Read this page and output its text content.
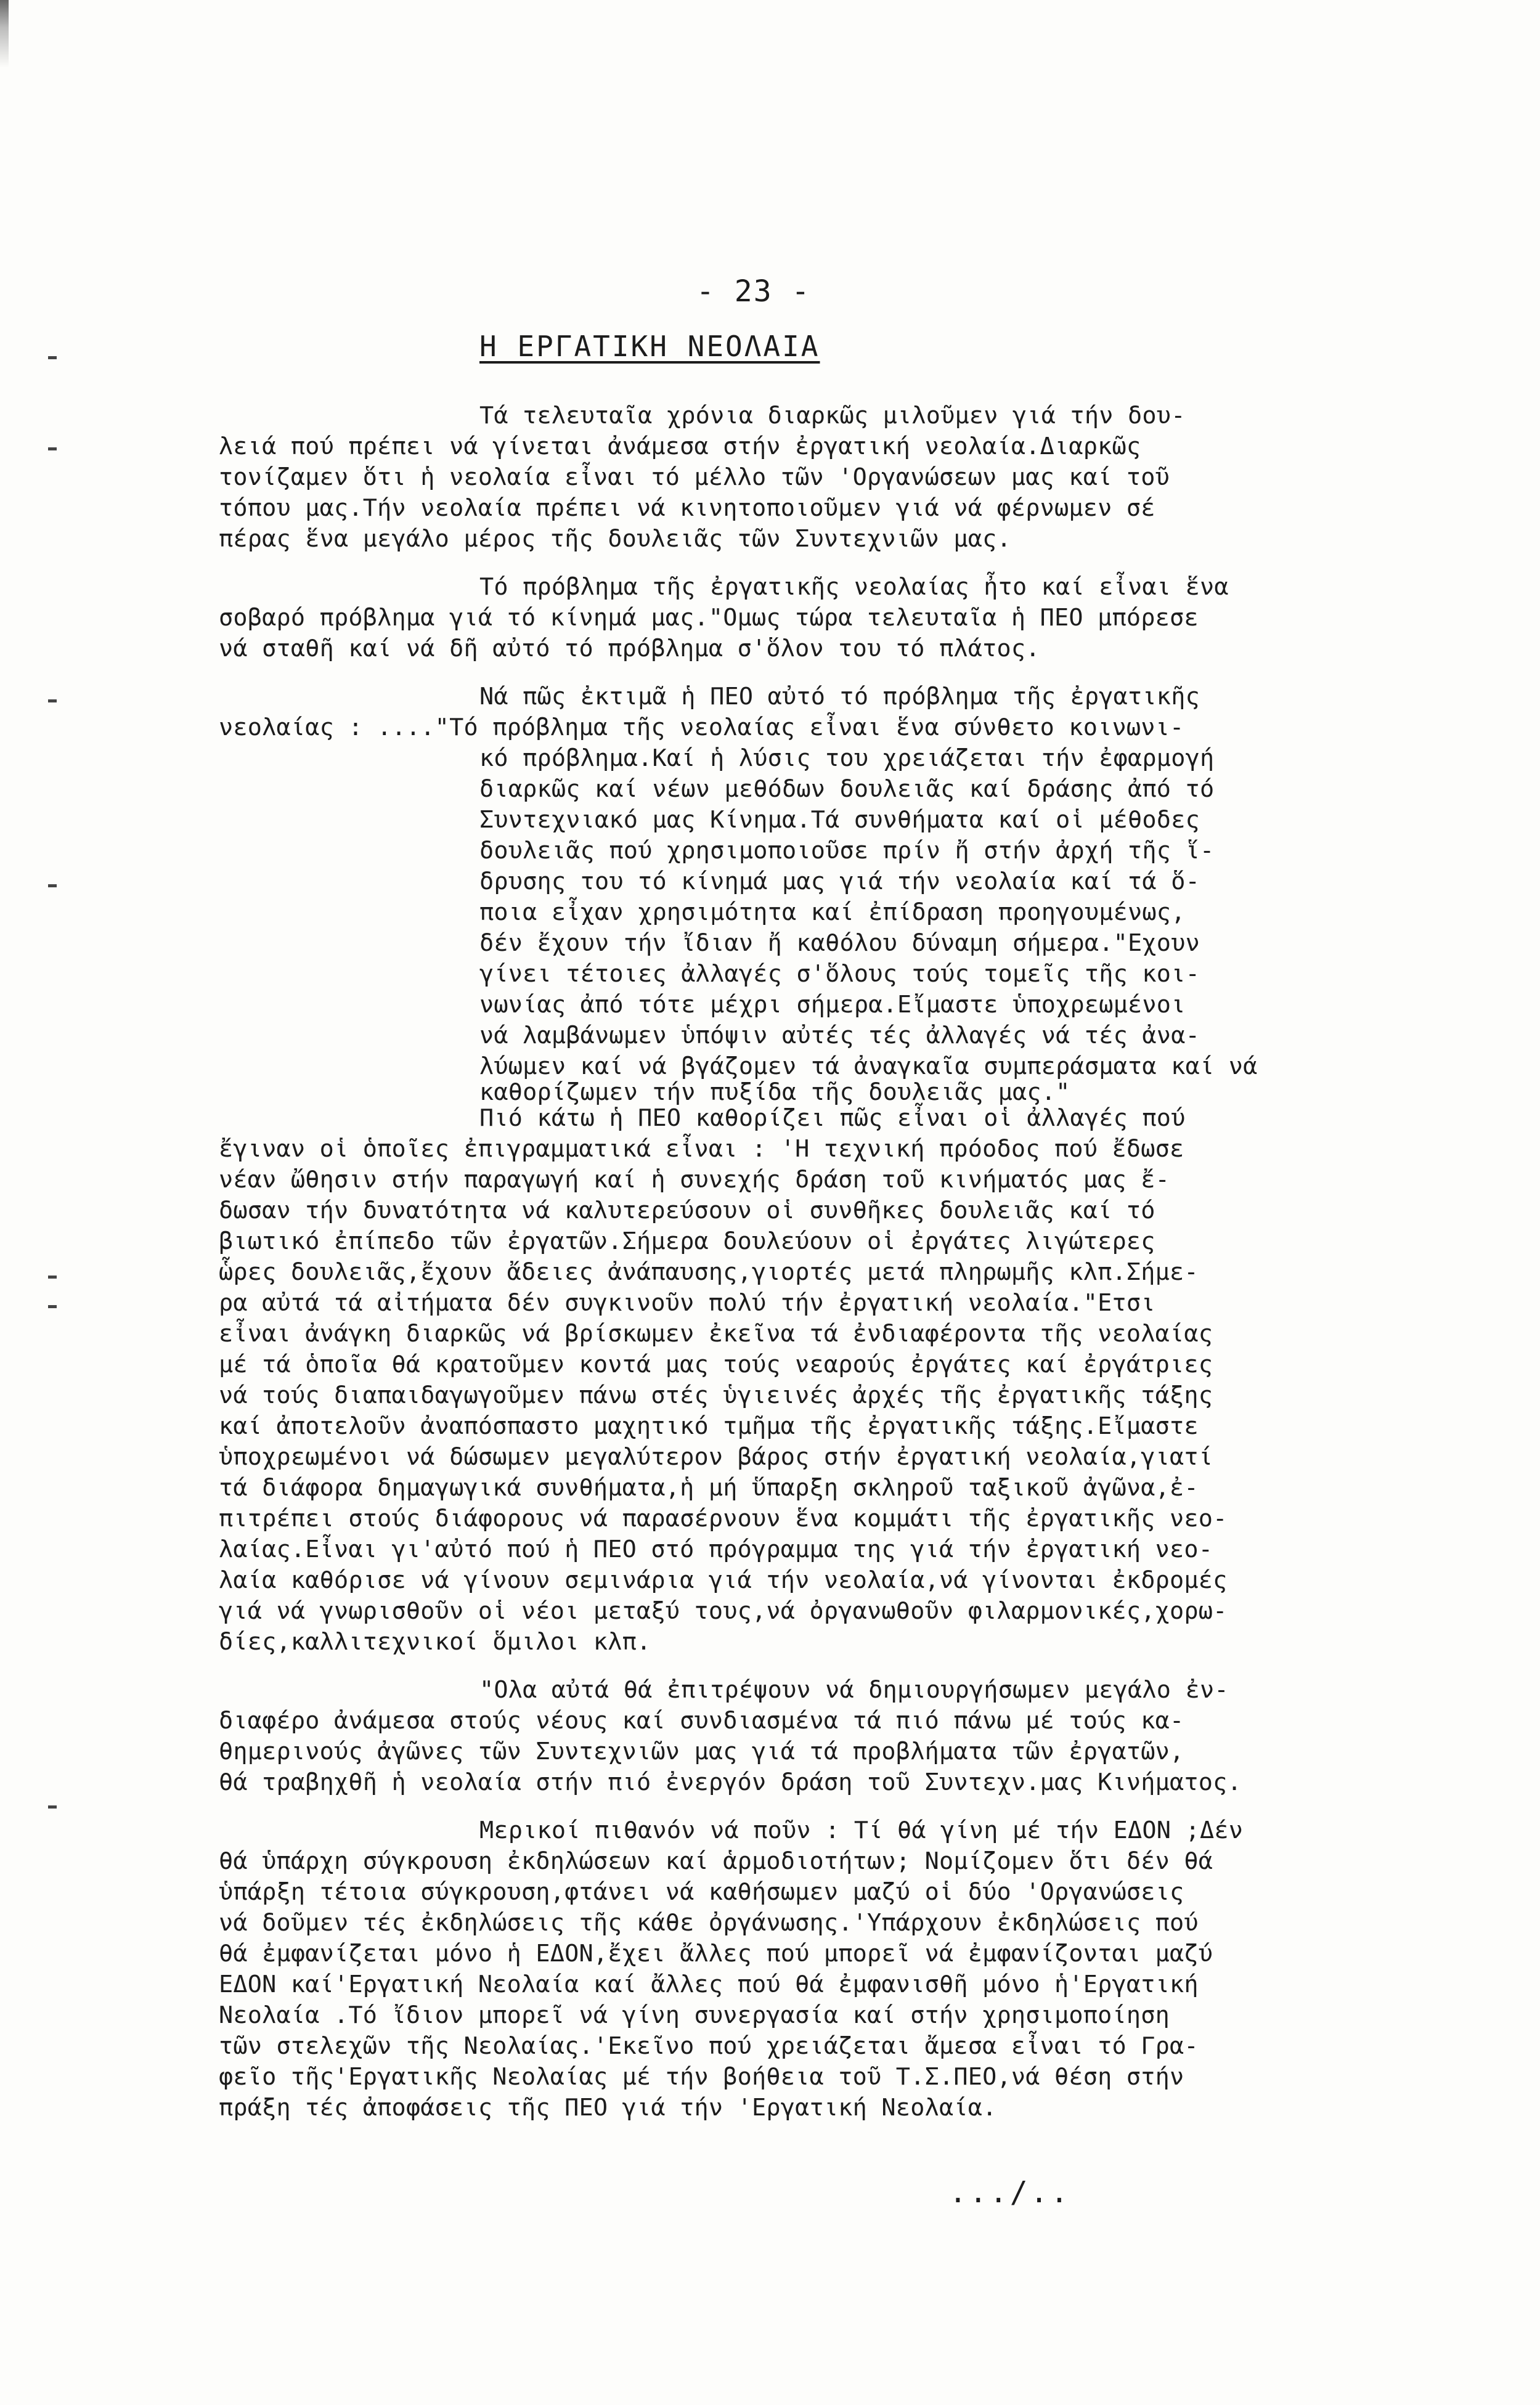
- 23 -
Η ΕΡΓΑΤΙΚΗ ΝΕΟΛΑΙΑ
Τά τελευταῖα χρόνια διαρκῶς μιλοῦμεν γιά τήν δου-
λειά πού πρέπει νά γίνεται ἀνάμεσα στήν ἐργατική νεολαία.Διαρκῶς
τονίζαμεν ὅτι ἡ νεολαία εἶναι τό μέλλο τῶν 'Οργανώσεων μας καί τοῦ
τόπου μας.Τήν νεολαία πρέπει νά κινητοποιοῦμεν γιά νά φέρνωμεν σέ
πέρας ἕνα μεγάλο μέρος τῆς δουλειᾶς τῶν Συντεχνιῶν μας.
Τό πρόβλημα τῆς ἐργατικῆς νεολαίας ἦτο καί εἶναι ἕνα
σοβαρό πρόβλημα γιά τό κίνημά μας."Ομως τώρα τελευταῖα ἡ ΠΕΟ μπόρεσε
νά σταθῆ καί νά δῆ αὐτό τό πρόβλημα σ'ὅλον του τό πλάτος.
Νά πῶς ἐκτιμᾶ ἡ ΠΕΟ αὐτό τό πρόβλημα τῆς ἐργατικῆς
νεολαίας : ...."Τό πρόβλημα τῆς νεολαίας εἶναι ἕνα σύνθετο κοινωνι-
κό πρόβλημα.Καί ἡ λύσις του χρειάζεται τήν ἐφαρμογή
διαρκῶς καί νέων μεθόδων δουλειᾶς καί δράσης ἀπό τό
Συντεχνιακό μας Κίνημα.Τά συνθήματα καί οἱ μέθοδες
δουλειᾶς πού χρησιμοποιοῦσε πρίν ἤ στήν ἀρχή τῆς ἵ-
δρυσης του τό κίνημά μας γιά τήν νεολαία καί τά ὅ-
ποια εἶχαν χρησιμότητα καί ἐπίδραση προηγουμένως,
δέν ἔχουν τήν ἴδιαν ἤ καθόλου δύναμη σήμερα."Εχουν
γίνει τέτοιες ἀλλαγές σ'ὅλους τούς τομεῖς τῆς κοι-
νωνίας ἀπό τότε μέχρι σήμερα.Εἴμαστε ὑποχρεωμένοι
νά λαμβάνωμεν ὑπόψιν αὐτές τές ἀλλαγές νά τές ἀνα-
λύωμεν καί νά βγάζομεν τά ἀναγκαῖα συμπεράσματα καί νά
καθορίζωμεν τήν πυξίδα τῆς δουλειᾶς μας."
Πιό κάτω ἡ ΠΕΟ καθορίζει πῶς εἶναι οἱ ἀλλαγές πού
ἔγιναν οἱ ὁποῖες ἐπιγραμματικά εἶναι : 'Η τεχνική πρόοδος πού ἔδωσε
νέαν ὤθησιν στήν παραγωγή καί ἡ συνεχής δράση τοῦ κινήματός μας ἔ-
δωσαν τήν δυνατότητα νά καλυτερεύσουν οἱ συνθῆκες δουλειᾶς καί τό
βιωτικό ἐπίπεδο τῶν ἐργατῶν.Σήμερα δουλεύουν οἱ ἐργάτες λιγώτερες
ὧρες δουλειᾶς,ἔχουν ἄδειες ἀνάπαυσης,γιορτές μετά πληρωμῆς κλπ.Σήμε-
ρα αὐτά τά αἰτήματα δέν συγκινοῦν πολύ τήν ἐργατική νεολαία."Ετσι
εἶναι ἀνάγκη διαρκῶς νά βρίσκωμεν ἐκεῖνα τά ἐνδιαφέροντα τῆς νεολαίας
μέ τά ὁποῖα θά κρατοῦμεν κοντά μας τούς νεαρούς ἐργάτες καί ἐργάτριες
νά τούς διαπαιδαγωγοῦμεν πάνω στές ὑγιεινές ἀρχές τῆς ἐργατικῆς τάξης
καί ἀποτελοῦν ἀναπόσπαστο μαχητικό τμῆμα τῆς ἐργατικῆς τάξης.Εἴμαστε
ὑποχρεωμένοι νά δώσωμεν μεγαλύτερον βάρος στήν ἐργατική νεολαία,γιατί
τά διάφορα δημαγωγικά συνθήματα,ἡ μή ὕπαρξη σκληροῦ ταξικοῦ ἀγῶνα,ἐ-
πιτρέπει στούς διάφορους νά παρασέρνουν ἕνα κομμάτι τῆς ἐργατικῆς νεο-
λαίας.Εἶναι γι'αὐτό πού ἡ ΠΕΟ στό πρόγραμμα της γιά τήν ἐργατική νεο-
λαία καθόρισε νά γίνουν σεμινάρια γιά τήν νεολαία,νά γίνονται ἐκδρομές
γιά νά γνωρισθοῦν οἱ νέοι μεταξύ τους,νά ὀργανωθοῦν φιλαρμονικές,χορω-
δίες,καλλιτεχνικοί ὅμιλοι κλπ.
"Ολα αὐτά θά ἐπιτρέψουν νά δημιουργήσωμεν μεγάλο ἐν-
διαφέρο ἀνάμεσα στούς νέους καί συνδιασμένα τά πιό πάνω μέ τούς κα-
θημερινούς ἀγῶνες τῶν Συντεχνιῶν μας γιά τά προβλήματα τῶν ἐργατῶν,
θά τραβηχθῆ ἡ νεολαία στήν πιό ἐνεργόν δράση τοῦ Συντεχν.μας Κινήματος.
Μερικοί πιθανόν νά ποῦν : Τί θά γίνη μέ τήν ΕΔΟΝ ;Δέν
θά ὑπάρχη σύγκρουση ἐκδηλώσεων καί ἁρμοδιοτήτων; Νομίζομεν ὅτι δέν θά
ὑπάρξη τέτοια σύγκρουση,φτάνει νά καθήσωμεν μαζύ οἱ δύο 'Οργανώσεις
νά δοῦμεν τές ἐκδηλώσεις τῆς κάθε ὀργάνωσης.'Υπάρχουν ἐκδηλώσεις πού
θά ἐμφανίζεται μόνο ἡ ΕΔΟΝ,ἔχει ἄλλες πού μπορεῖ νά ἐμφανίζονται μαζύ
ΕΔΟΝ καί'Εργατική Νεολαία καί ἄλλες πού θά ἐμφανισθῆ μόνο ἡ'Εργατική
Νεολαία .Τό ἴδιον μπορεῖ νά γίνη συνεργασία καί στήν χρησιμοποίηση
τῶν στελεχῶν τῆς Νεολαίας.'Εκεῖνο πού χρειάζεται ἄμεσα εἶναι τό Γρα-
φεῖο τῆς'Εργατικῆς Νεολαίας μέ τήν βοήθεια τοῦ Τ.Σ.ΠΕΟ,νά θέση στήν
πράξη τές ἀποφάσεις τῆς ΠΕΟ γιά τήν 'Εργατική Νεολαία.
.../..
